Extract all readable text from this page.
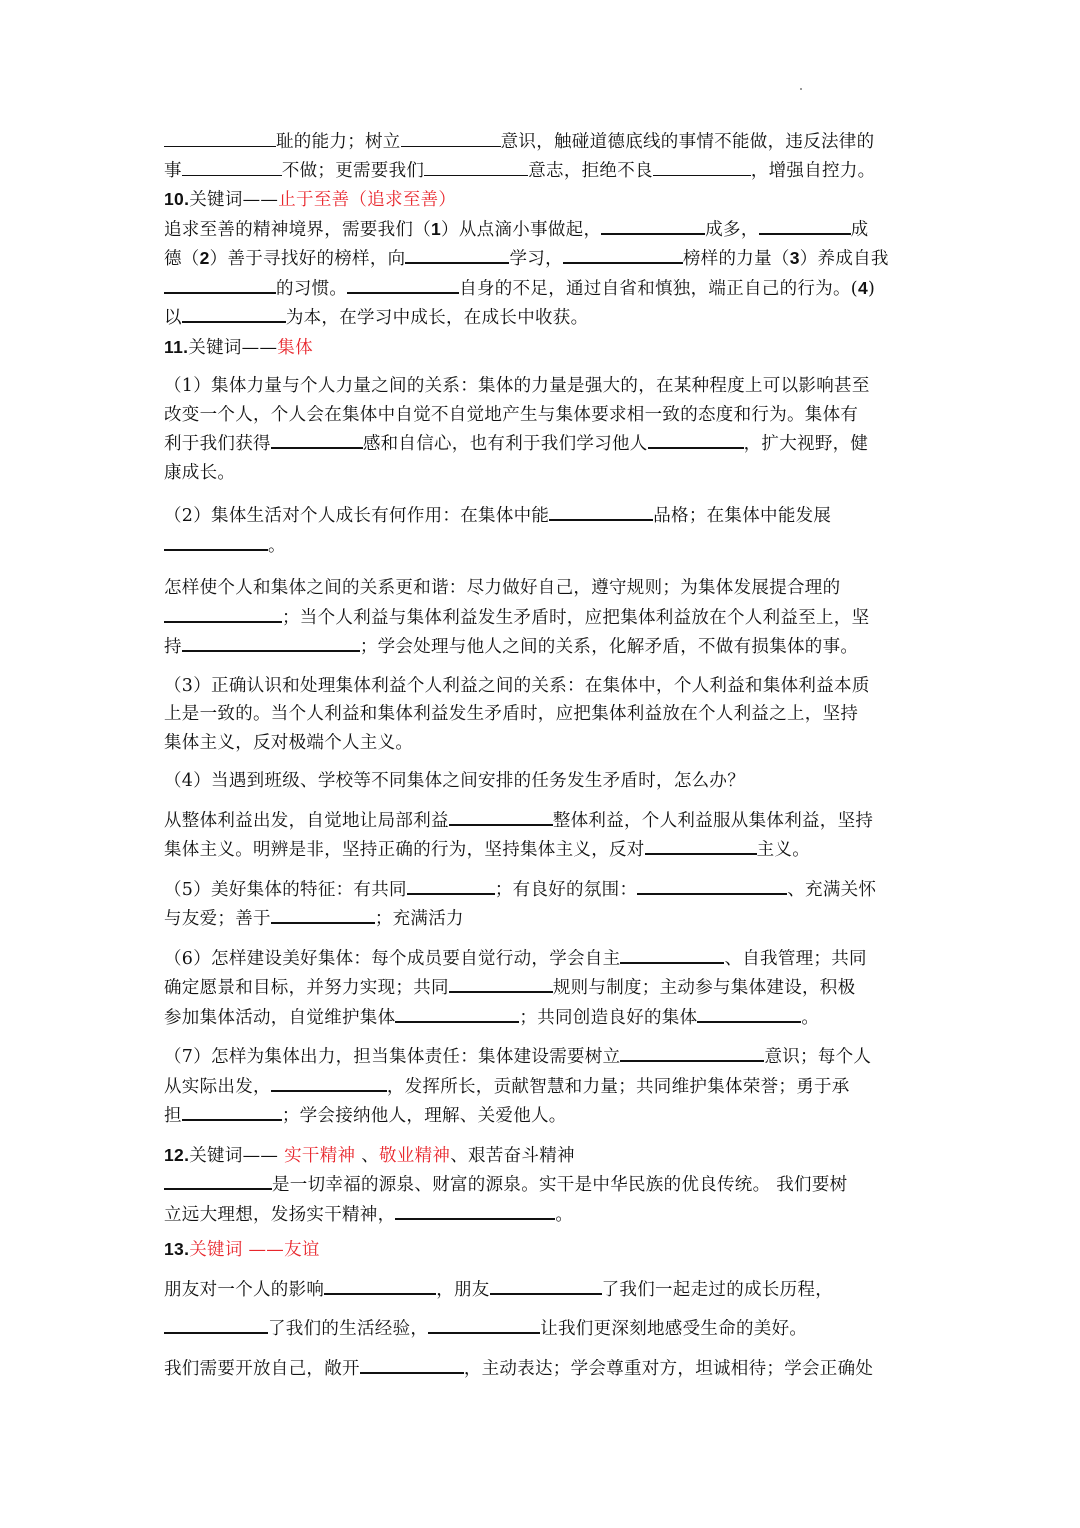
耻的能力；树立	意识，触碰道德底线的事情不能做，违反法律的
事	不做；更需要我们	意志，拒绝不良	，增强自控力。
10.关键词——止于至善（追求至善）
追求至善的精神境界，需要我们（1）从点滴小事做起，	成多，	成
德（2）善于寻找好的榜样，向	学习，	榜样的力量（3）养成自我
的习惯。	自身的不足，通过自省和慎独，端正自己的行为。(4)
以	为本，在学习中成长，在成长中收获。
11.关键词——集体
（1）集体力量与个人力量之间的关系：集体的力量是强大的，在某种程度上可以影响甚至
改变一个人，个人会在集体中自觉不自觉地产生与集体要求相一致的态度和行为。集体有
利于我们获得	感和自信心，也有利于我们学习他人	，扩大视野，健
康成长。
（2）集体生活对个人成长有何作用：在集体中能	品格；在集体中能发展
。
怎样使个人和集体之间的关系更和谐：尽力做好自己，遵守规则；为集体发展提合理的
；当个人利益与集体利益发生矛盾时，应把集体利益放在个人利益至上，坚
持	；学会处理与他人之间的关系，化解矛盾，不做有损集体的事。
（3）正确认识和处理集体利益个人利益之间的关系：在集体中，个人利益和集体利益本质
上是一致的。当个人利益和集体利益发生矛盾时，应把集体利益放在个人利益之上，坚持
集体主义，反对极端个人主义。
（4）当遇到班级、学校等不同集体之间安排的任务发生矛盾时，怎么办？
从整体利益出发，自觉地让局部利益	整体利益，个人利益服从集体利益，坚持
集体主义。明辨是非，坚持正确的行为，坚持集体主义，反对	主义。
（5）美好集体的特征：有共同	；有良好的氛围：	、充满关怀
与友爱；善于	；充满活力
（6）怎样建设美好集体：每个成员要自觉行动，学会自主	、自我管理；共同
确定愿景和目标，并努力实现；共同	规则与制度；主动参与集体建设，积极
参加集体活动，自觉维护集体	；共同创造良好的集体	。
（7）怎样为集体出力，担当集体责任：集体建设需要树立	意识；每个人
从实际出发，	，发挥所长，贡献智慧和力量；共同维护集体荣誉；勇于承
担	；学会接纳他人，理解、关爱他人。
12.关键词—— 实干精神 、敬业精神、艰苦奋斗精神
是一切幸福的源泉、财富的源泉。实干是中华民族的优良传统。 我们要树
立远大理想，发扬实干精神，	。
13.关键词 ——友谊
朋友对一个人的影响	，朋友	了我们一起走过的成长历程，
了我们的生活经验，	让我们更深刻地感受生命的美好。
我们需要开放自己，敞开	，主动表达；学会尊重对方，坦诚相待；学会正确处
